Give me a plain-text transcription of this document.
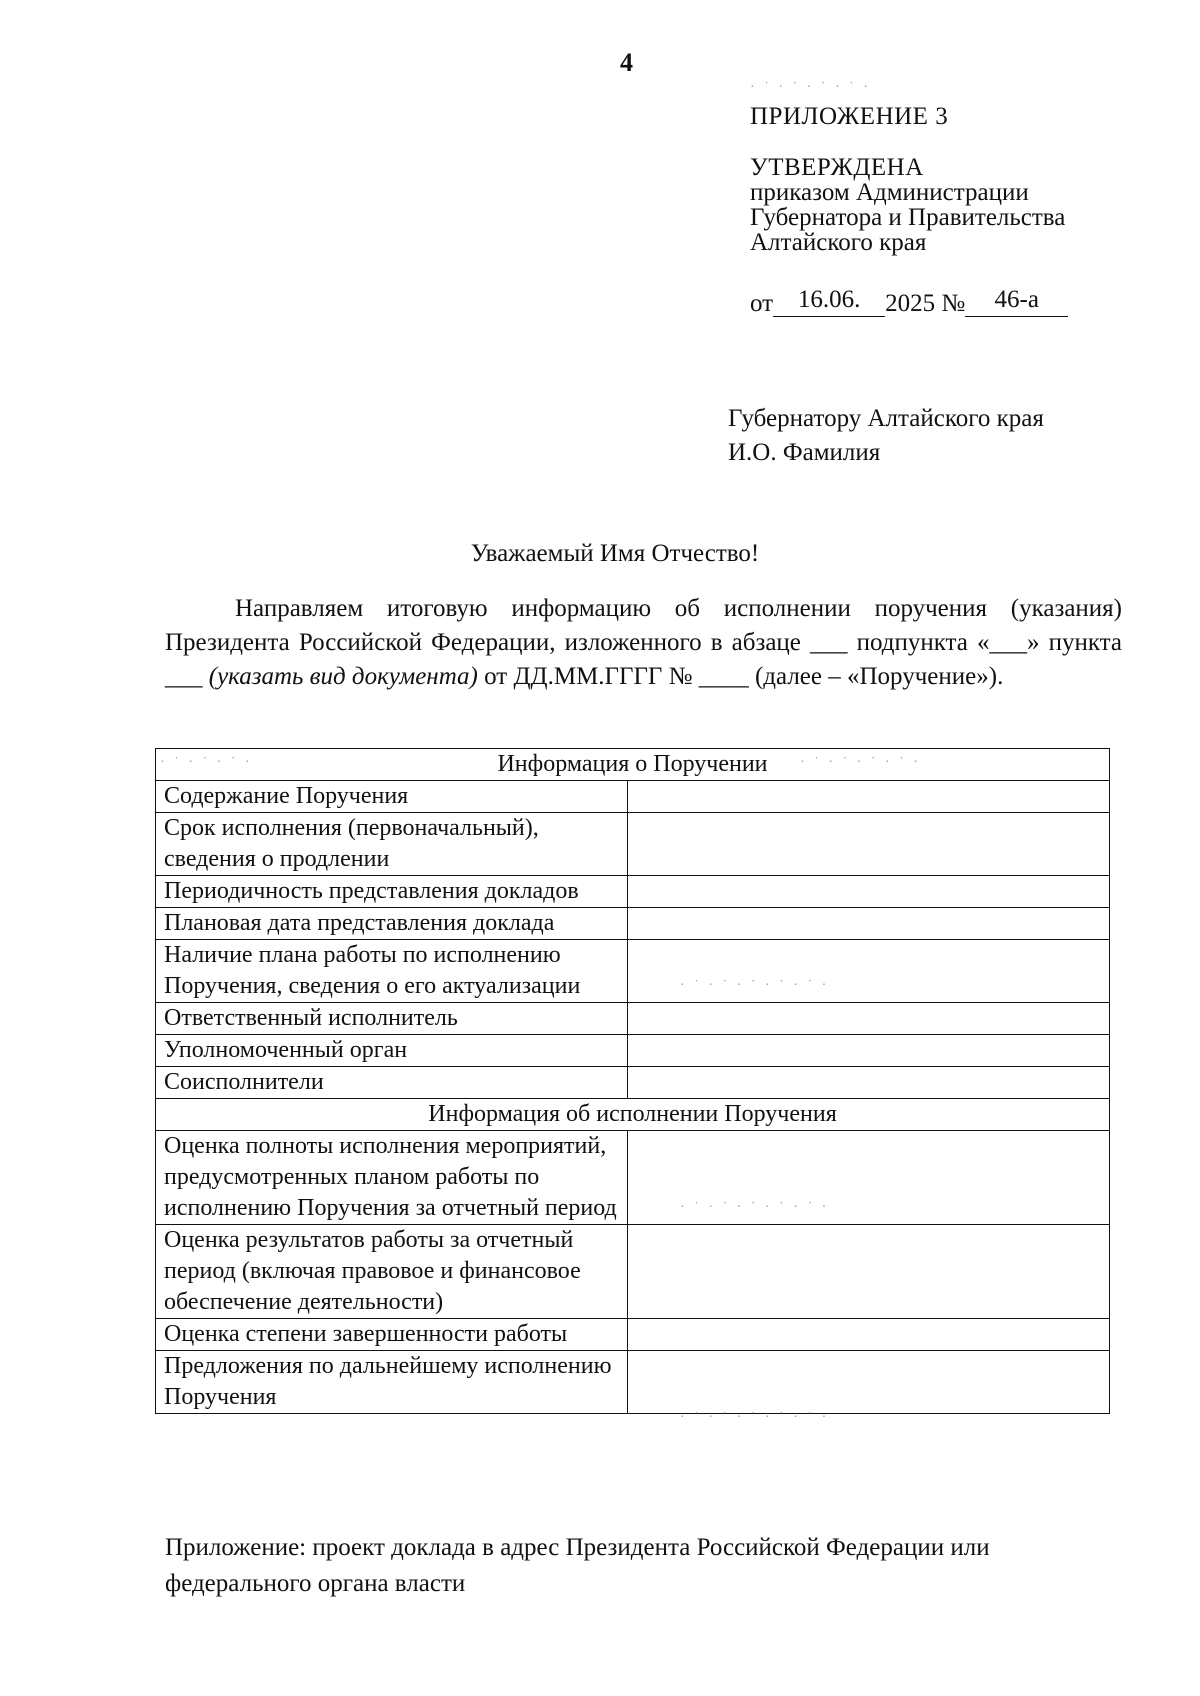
4
ПРИЛОЖЕНИЕ 3
УТВЕРЖДЕНА
приказом Администрации
Губернатора и Правительства
Алтайского края
от 16.06. 2025 № 46-а
Губернатору Алтайского края
И.О. Фамилия
Уважаемый Имя Отчество!

Направляем итоговую информацию об исполнении поручения (указания) Президента Российской Федерации, изложенного в абзаце ___ подпункта «___» пункта ___ (указать вид документа) от ДД.ММ.ГГГГ № ____ (далее – «Поручение»).

Информация о Поручении	
Содержание Поручения	
Срок исполнения (первоначальный), сведения о продлении	
Периодичность представления докладов	
Плановая дата представления доклада	
Наличие плана работы по исполнению Поручения, сведения о его актуализации	
Ответственный исполнитель	
Уполномоченный орган	
Соисполнители	
Информация об исполнении Поручения	
Оценка полноты исполнения мероприятий, предусмотренных планом работы по исполнению Поручения за отчетный период	
Оценка результатов работы за отчетный период (включая правовое и финансовое обеспечение деятельности)	
Оценка степени завершенности работы	
Предложения по дальнейшему исполнению Поручения	

Приложение: проект доклада в адрес Президента Российской Федерации или федерального органа власти

· ˙ · ˙ · ˙ · ˙ ·
· ˙ · ˙ · ˙ ·	· ˙ · ˙ · ˙ · ˙ ·
· ˙ · ˙ · ˙ · ˙ · ˙ ·
· ˙ · ˙ · ˙ · ˙ · ˙ ·
· ˙ · ˙ · ˙ · ˙ · ˙ ·
